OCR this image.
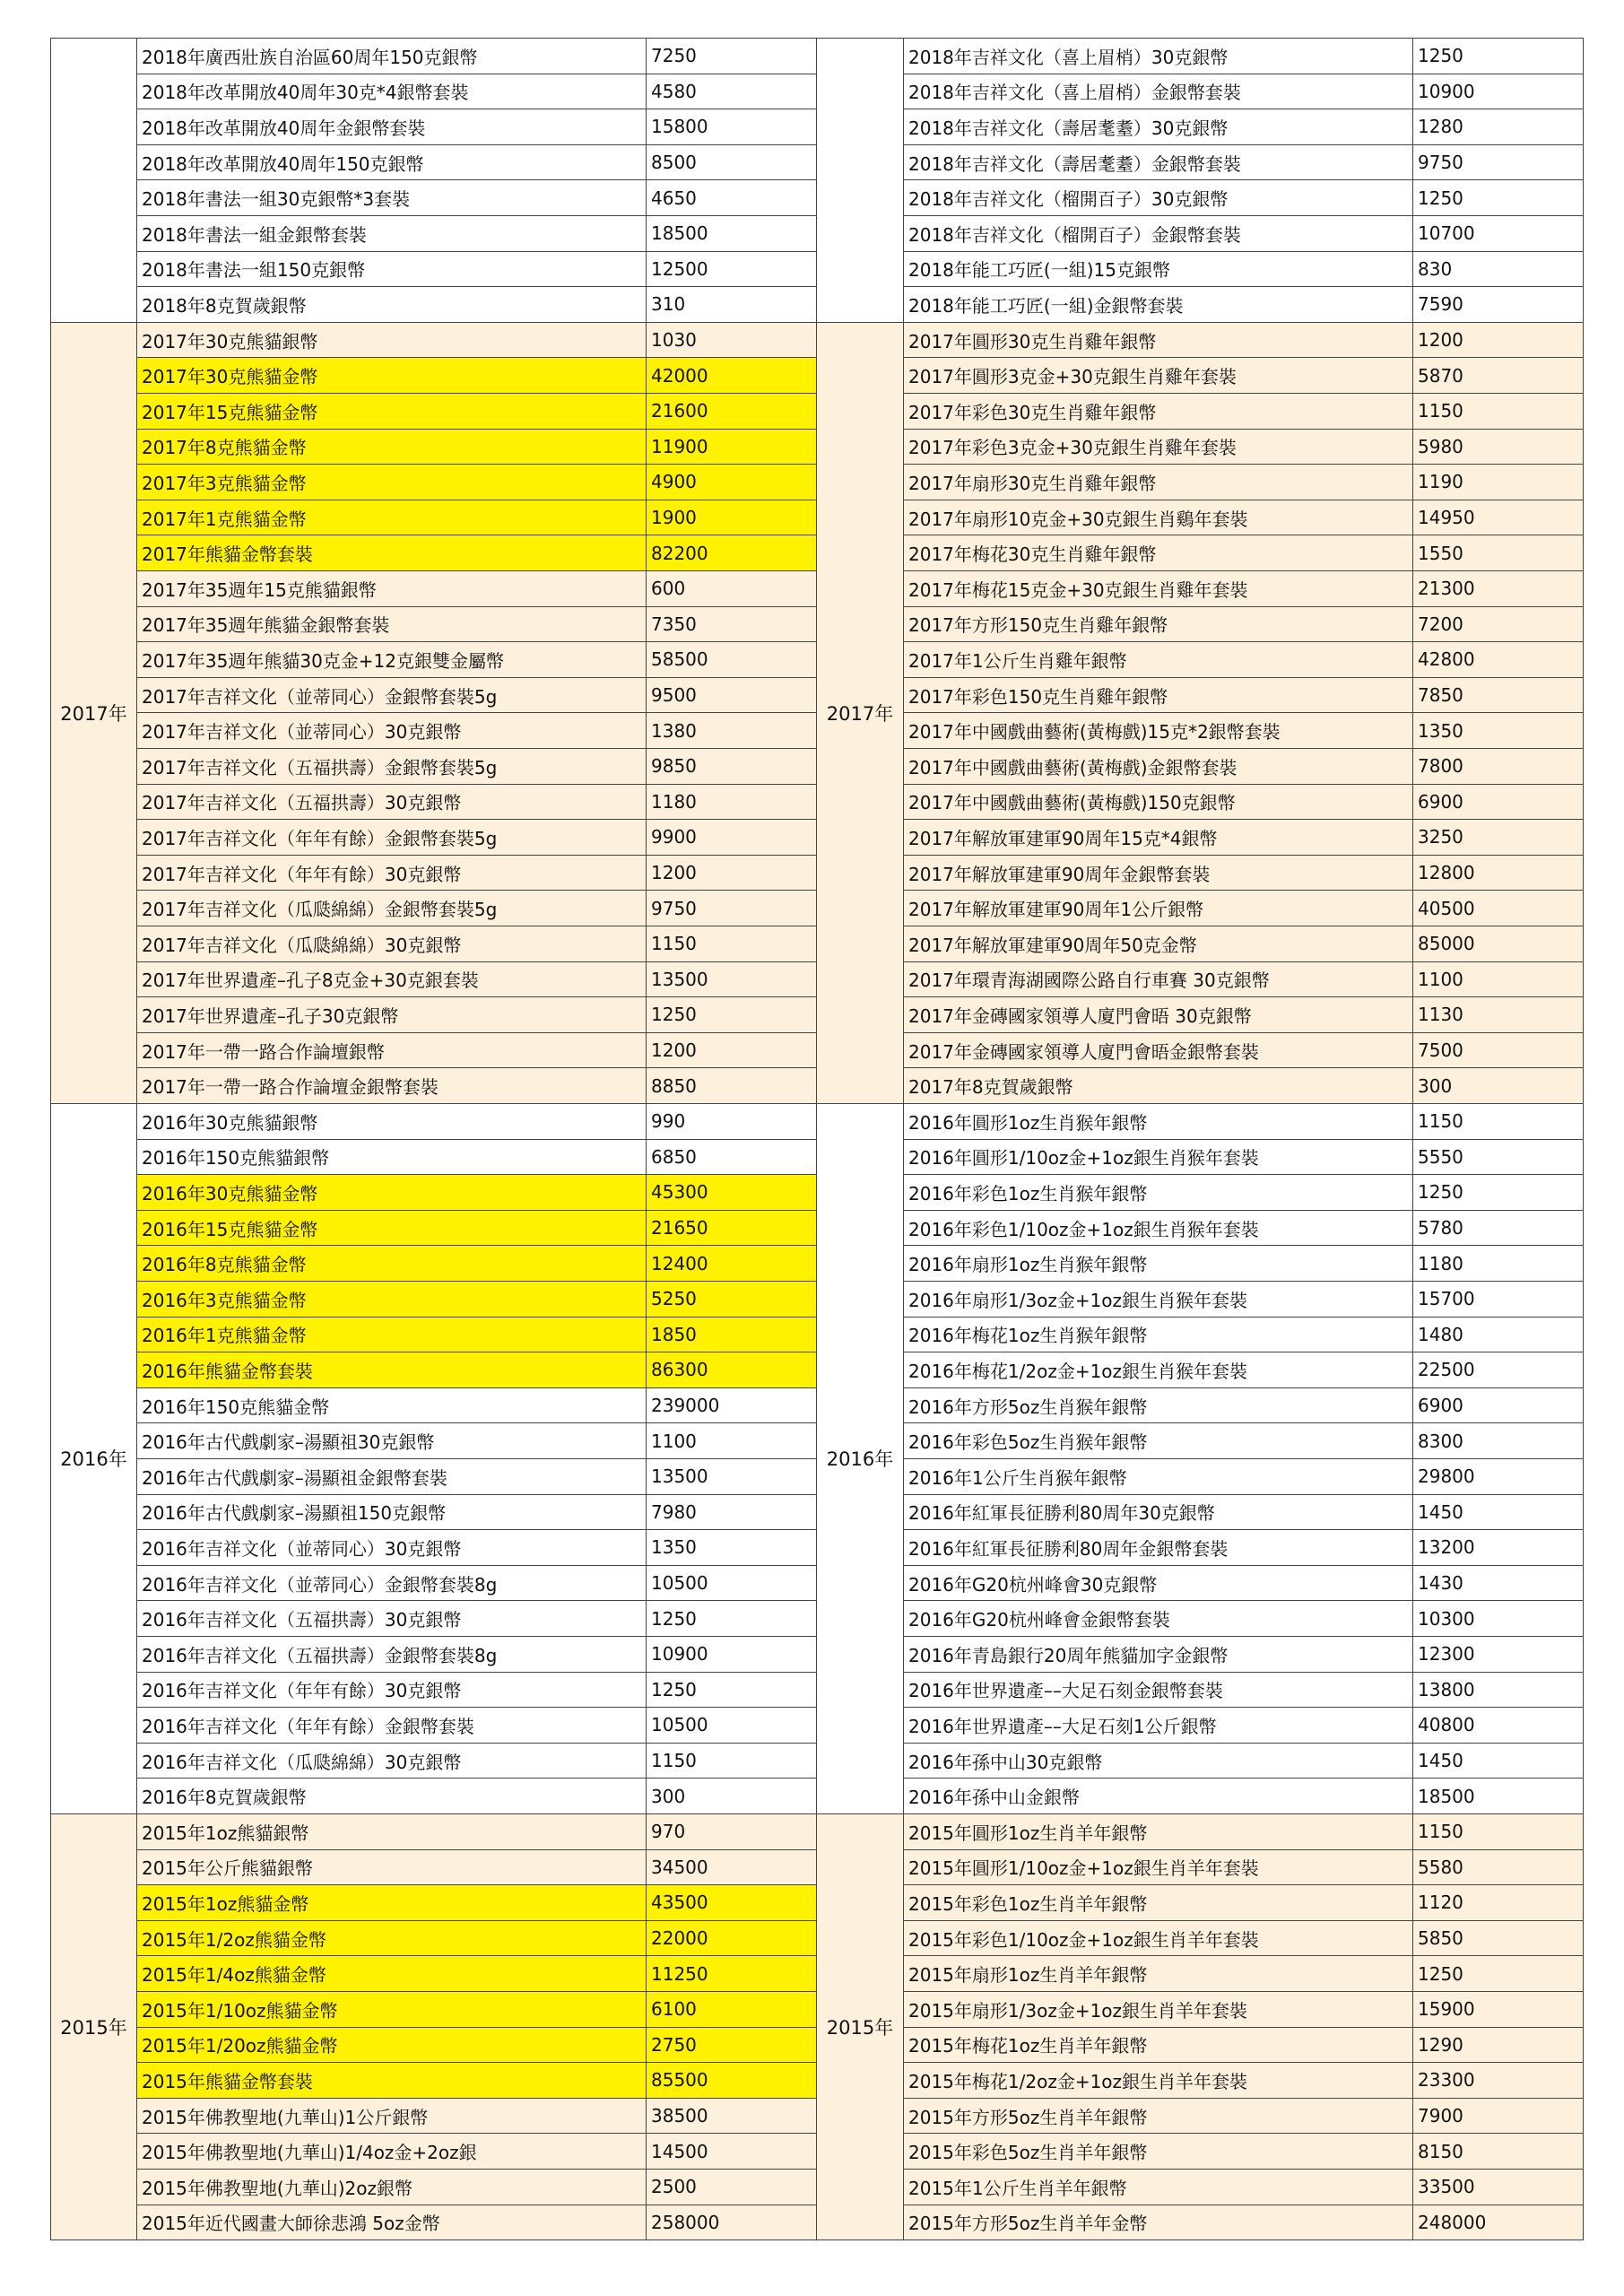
2018年廣西壯族自治區60周年150克銀幣	7250	2018年吉祥文化（喜上眉梢）30克銀幣	1250
2018年改革開放40周年30克*4銀幣套裝	4580	2018年吉祥文化（喜上眉梢）金銀幣套裝	10900
2018年改革開放40周年金銀幣套裝	15800	2018年吉祥文化（壽居耄耋）30克銀幣	1280
2018年改革開放40周年150克銀幣	8500	2018年吉祥文化（壽居耄耋）金銀幣套裝	9750
2018年書法一組30克銀幣*3套裝	4650	2018年吉祥文化（榴開百子）30克銀幣	1250
2018年書法一組金銀幣套裝	18500	2018年吉祥文化（榴開百子）金銀幣套裝	10700
2018年書法一組150克銀幣	12500	2018年能工巧匠(一組)15克銀幣	830
2018年8克賀歲銀幣	310	2018年能工巧匠(一組)金銀幣套裝	7590
2017年	2017年
2017年30克熊貓銀幣	1030	2017年圓形30克生肖雞年銀幣	1200
2017年30克熊貓金幣	42000	2017年圓形3克金+30克銀生肖雞年套裝	5870
2017年15克熊貓金幣	21600	2017年彩色30克生肖雞年銀幣	1150
2017年8克熊貓金幣	11900	2017年彩色3克金+30克銀生肖雞年套裝	5980
2017年3克熊貓金幣	4900	2017年扇形30克生肖雞年銀幣	1190
2017年1克熊貓金幣	1900	2017年扇形10克金+30克銀生肖鷄年套裝	14950
2017年熊貓金幣套裝	82200	2017年梅花30克生肖雞年銀幣	1550
2017年35週年15克熊貓銀幣	600	2017年梅花15克金+30克銀生肖雞年套裝	21300
2017年35週年熊貓金銀幣套裝	7350	2017年方形150克生肖雞年銀幣	7200
2017年35週年熊貓30克金+12克銀雙金屬幣	58500	2017年1公斤生肖雞年銀幣	42800
2017年吉祥文化（並蒂同心）金銀幣套裝5g	9500	2017年彩色150克生肖雞年銀幣	7850
2017年吉祥文化（並蒂同心）30克銀幣	1380	2017年中國戲曲藝術(黃梅戲)15克*2銀幣套裝	1350
2017年吉祥文化（五福拱壽）金銀幣套裝5g	9850	2017年中國戲曲藝術(黃梅戲)金銀幣套裝	7800
2017年吉祥文化（五福拱壽）30克銀幣	1180	2017年中國戲曲藝術(黃梅戲)150克銀幣	6900
2017年吉祥文化（年年有餘）金銀幣套裝5g	9900	2017年解放軍建軍90周年15克*4銀幣	3250
2017年吉祥文化（年年有餘）30克銀幣	1200	2017年解放軍建軍90周年金銀幣套裝	12800
2017年吉祥文化（瓜瓞綿綿）金銀幣套裝5g	9750	2017年解放軍建軍90周年1公斤銀幣	40500
2017年吉祥文化（瓜瓞綿綿）30克銀幣	1150	2017年解放軍建軍90周年50克金幣	85000
2017年世界遺產–孔子8克金+30克銀套裝	13500	2017年環青海湖國際公路自行車賽 30克銀幣	1100
2017年世界遺產–孔子30克銀幣	1250	2017年金磚國家領導人廈門會晤 30克銀幣	1130
2017年一帶一路合作論壇銀幣	1200	2017年金磚國家領導人廈門會晤金銀幣套裝	7500
2017年一帶一路合作論壇金銀幣套裝	8850	2017年8克賀歲銀幣	300
2016年	2016年
2016年30克熊貓銀幣	990	2016年圓形1oz生肖猴年銀幣	1150
2016年150克熊貓銀幣	6850	2016年圓形1/10oz金+1oz銀生肖猴年套裝	5550
2016年30克熊貓金幣	45300	2016年彩色1oz生肖猴年銀幣	1250
2016年15克熊貓金幣	21650	2016年彩色1/10oz金+1oz銀生肖猴年套裝	5780
2016年8克熊貓金幣	12400	2016年扇形1oz生肖猴年銀幣	1180
2016年3克熊貓金幣	5250	2016年扇形1/3oz金+1oz銀生肖猴年套裝	15700
2016年1克熊貓金幣	1850	2016年梅花1oz生肖猴年銀幣	1480
2016年熊貓金幣套裝	86300	2016年梅花1/2oz金+1oz銀生肖猴年套裝	22500
2016年150克熊貓金幣	239000	2016年方形5oz生肖猴年銀幣	6900
2016年古代戲劇家–湯顯祖30克銀幣	1100	2016年彩色5oz生肖猴年銀幣	8300
2016年古代戲劇家–湯顯祖金銀幣套裝	13500	2016年1公斤生肖猴年銀幣	29800
2016年古代戲劇家–湯顯祖150克銀幣	7980	2016年紅軍長征勝利80周年30克銀幣	1450
2016年吉祥文化（並蒂同心）30克銀幣	1350	2016年紅軍長征勝利80周年金銀幣套裝	13200
2016年吉祥文化（並蒂同心）金銀幣套裝8g	10500	2016年G20杭州峰會30克銀幣	1430
2016年吉祥文化（五福拱壽）30克銀幣	1250	2016年G20杭州峰會金銀幣套裝	10300
2016年吉祥文化（五福拱壽）金銀幣套裝8g	10900	2016年青島銀行20周年熊貓加字金銀幣	12300
2016年吉祥文化（年年有餘）30克銀幣	1250	2016年世界遺產––大足石刻金銀幣套裝	13800
2016年吉祥文化（年年有餘）金銀幣套裝	10500	2016年世界遺產––大足石刻1公斤銀幣	40800
2016年吉祥文化（瓜瓞綿綿）30克銀幣	1150	2016年孫中山30克銀幣	1450
2016年8克賀歲銀幣	300	2016年孫中山金銀幣	18500
2015年	2015年
2015年1oz熊貓銀幣	970	2015年圓形1oz生肖羊年銀幣	1150
2015年公斤熊貓銀幣	34500	2015年圓形1/10oz金+1oz銀生肖羊年套裝	5580
2015年1oz熊貓金幣	43500	2015年彩色1oz生肖羊年銀幣	1120
2015年1/2oz熊貓金幣	22000	2015年彩色1/10oz金+1oz銀生肖羊年套裝	5850
2015年1/4oz熊貓金幣	11250	2015年扇形1oz生肖羊年銀幣	1250
2015年1/10oz熊貓金幣	6100	2015年扇形1/3oz金+1oz銀生肖羊年套裝	15900
2015年1/20oz熊貓金幣	2750	2015年梅花1oz生肖羊年銀幣	1290
2015年熊貓金幣套裝	85500	2015年梅花1/2oz金+1oz銀生肖羊年套裝	23300
2015年佛教聖地(九華山)1公斤銀幣	38500	2015年方形5oz生肖羊年銀幣	7900
2015年佛教聖地(九華山)1/4oz金+2oz銀	14500	2015年彩色5oz生肖羊年銀幣	8150
2015年佛教聖地(九華山)2oz銀幣	2500	2015年1公斤生肖羊年銀幣	33500
2015年近代國畫大師徐悲鴻 5oz金幣	258000	2015年方形5oz生肖羊年金幣	248000
